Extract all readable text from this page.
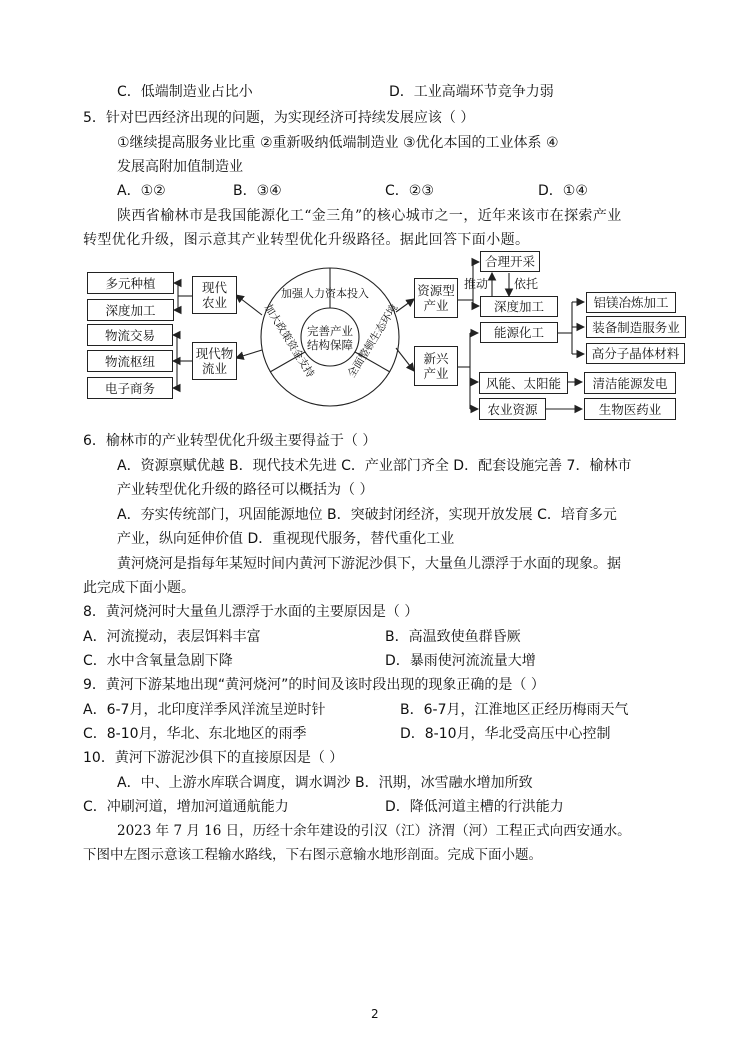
C．低端制造业占比小	D．工业高端环节竞争力弱
5．针对巴西经济出现的问题，为实现经济可持续发展应该（ ）
①继续提高服务业比重 ②重新吸纳低端制造业 ③优化本国的工业体系 ④
发展高附加值制造业
A．①②	B．③④	C．②③	D．①④
陕西省榆林市是我国能源化工“金三角”的核心城市之一，近年来该市在探索产业
转型优化升级，图示意其产业转型优化升级路径。据此回答下面小题。
多元种植
深度加工
物流交易
物流枢纽
电子商务
现代
农业
现代物
流业
完善产业
结构保障
加强人力资本投入
加大政策资金支持	全面整顿生态环境
资源型
产业
新兴
产业
合理开采
推动 依托
深度加工
能源化工
铝镁冶炼加工
装备制造服务业
高分子晶体材料
风能、太阳能
农业资源
清洁能源发电
生物医药业
6．榆林市的产业转型优化升级主要得益于（ ）
A．资源禀赋优越 B．现代技术先进 C．产业部门齐全 D．配套设施完善 7．榆林市
产业转型优化升级的路径可以概括为（ ）
A．夯实传统部门，巩固能源地位 B．突破封闭经济，实现开放发展 C．培育多元
产业，纵向延伸价值 D．重视现代服务，替代重化工业
黄河烧河是指每年某短时间内黄河下游泥沙俱下，大量鱼儿漂浮于水面的现象。据
此完成下面小题。
8．黄河烧河时大量鱼儿漂浮于水面的主要原因是（ ）
A．河流搅动，表层饵料丰富	B．高温致使鱼群昏厥
C．水中含氧量急剧下降	D．暴雨使河流流量大增
9．黄河下游某地出现“黄河烧河”的时间及该时段出现的现象正确的是（ ）
A．6-7月，北印度洋季风洋流呈逆时针	B．6-7月，江淮地区正经历梅雨天气
C．8-10月，华北、东北地区的雨季	D．8-10月，华北受高压中心控制
10．黄河下游泥沙俱下的直接原因是（ ）
A．中、上游水库联合调度，调水调沙 B．汛期，冰雪融水增加所致
C．冲刷河道，增加河道通航能力	D．降低河道主槽的行洪能力
2023 年 7 月 16 日，历经十余年建设的引汉（江）济渭（河）工程正式向西安通水。
下图中左图示意该工程输水路线，下右图示意输水地形剖面。完成下面小题。
2
